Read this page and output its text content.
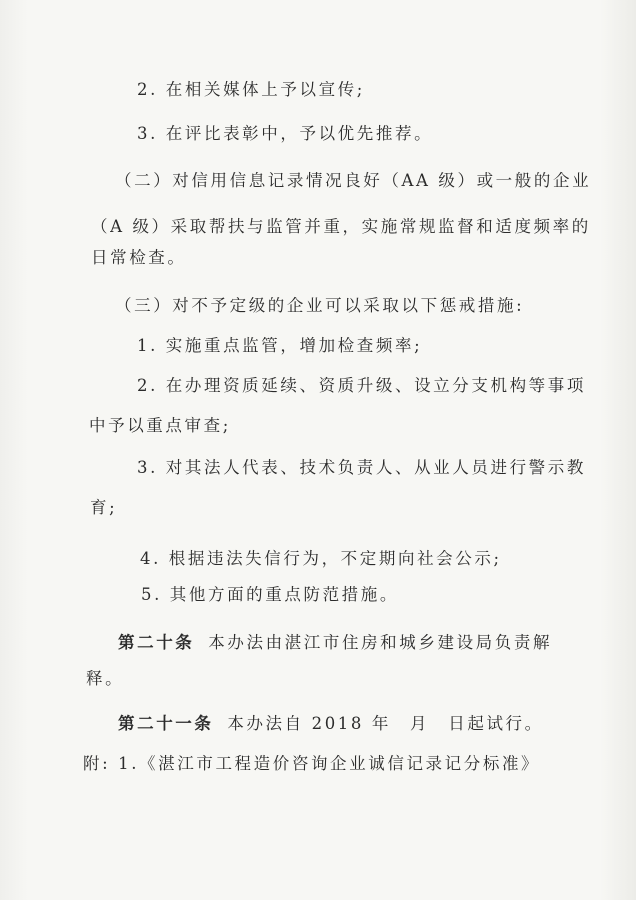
2. 在相关媒体上予以宣传;
3. 在评比表彰中，予以优先推荐。
（二）对信用信息记录情况良好（AA 级）或一般的企业
（A 级）采取帮扶与监管并重，实施常规监督和适度频率的
日常检查。
（三）对不予定级的企业可以采取以下惩戒措施:
1. 实施重点监管，增加检查频率;
2. 在办理资质延续、资质升级、设立分支机构等事项
中予以重点审查;
3. 对其法人代表、技术负责人、从业人员进行警示教
育;
4. 根据违法失信行为，不定期向社会公示;
5. 其他方面的重点防范措施。
第二十条 本办法由湛江市住房和城乡建设局负责解
释。
第二十一条 本办法自 2018 年　月　日起试行。
附: 1.《湛江市工程造价咨询企业诚信记录记分标准》
